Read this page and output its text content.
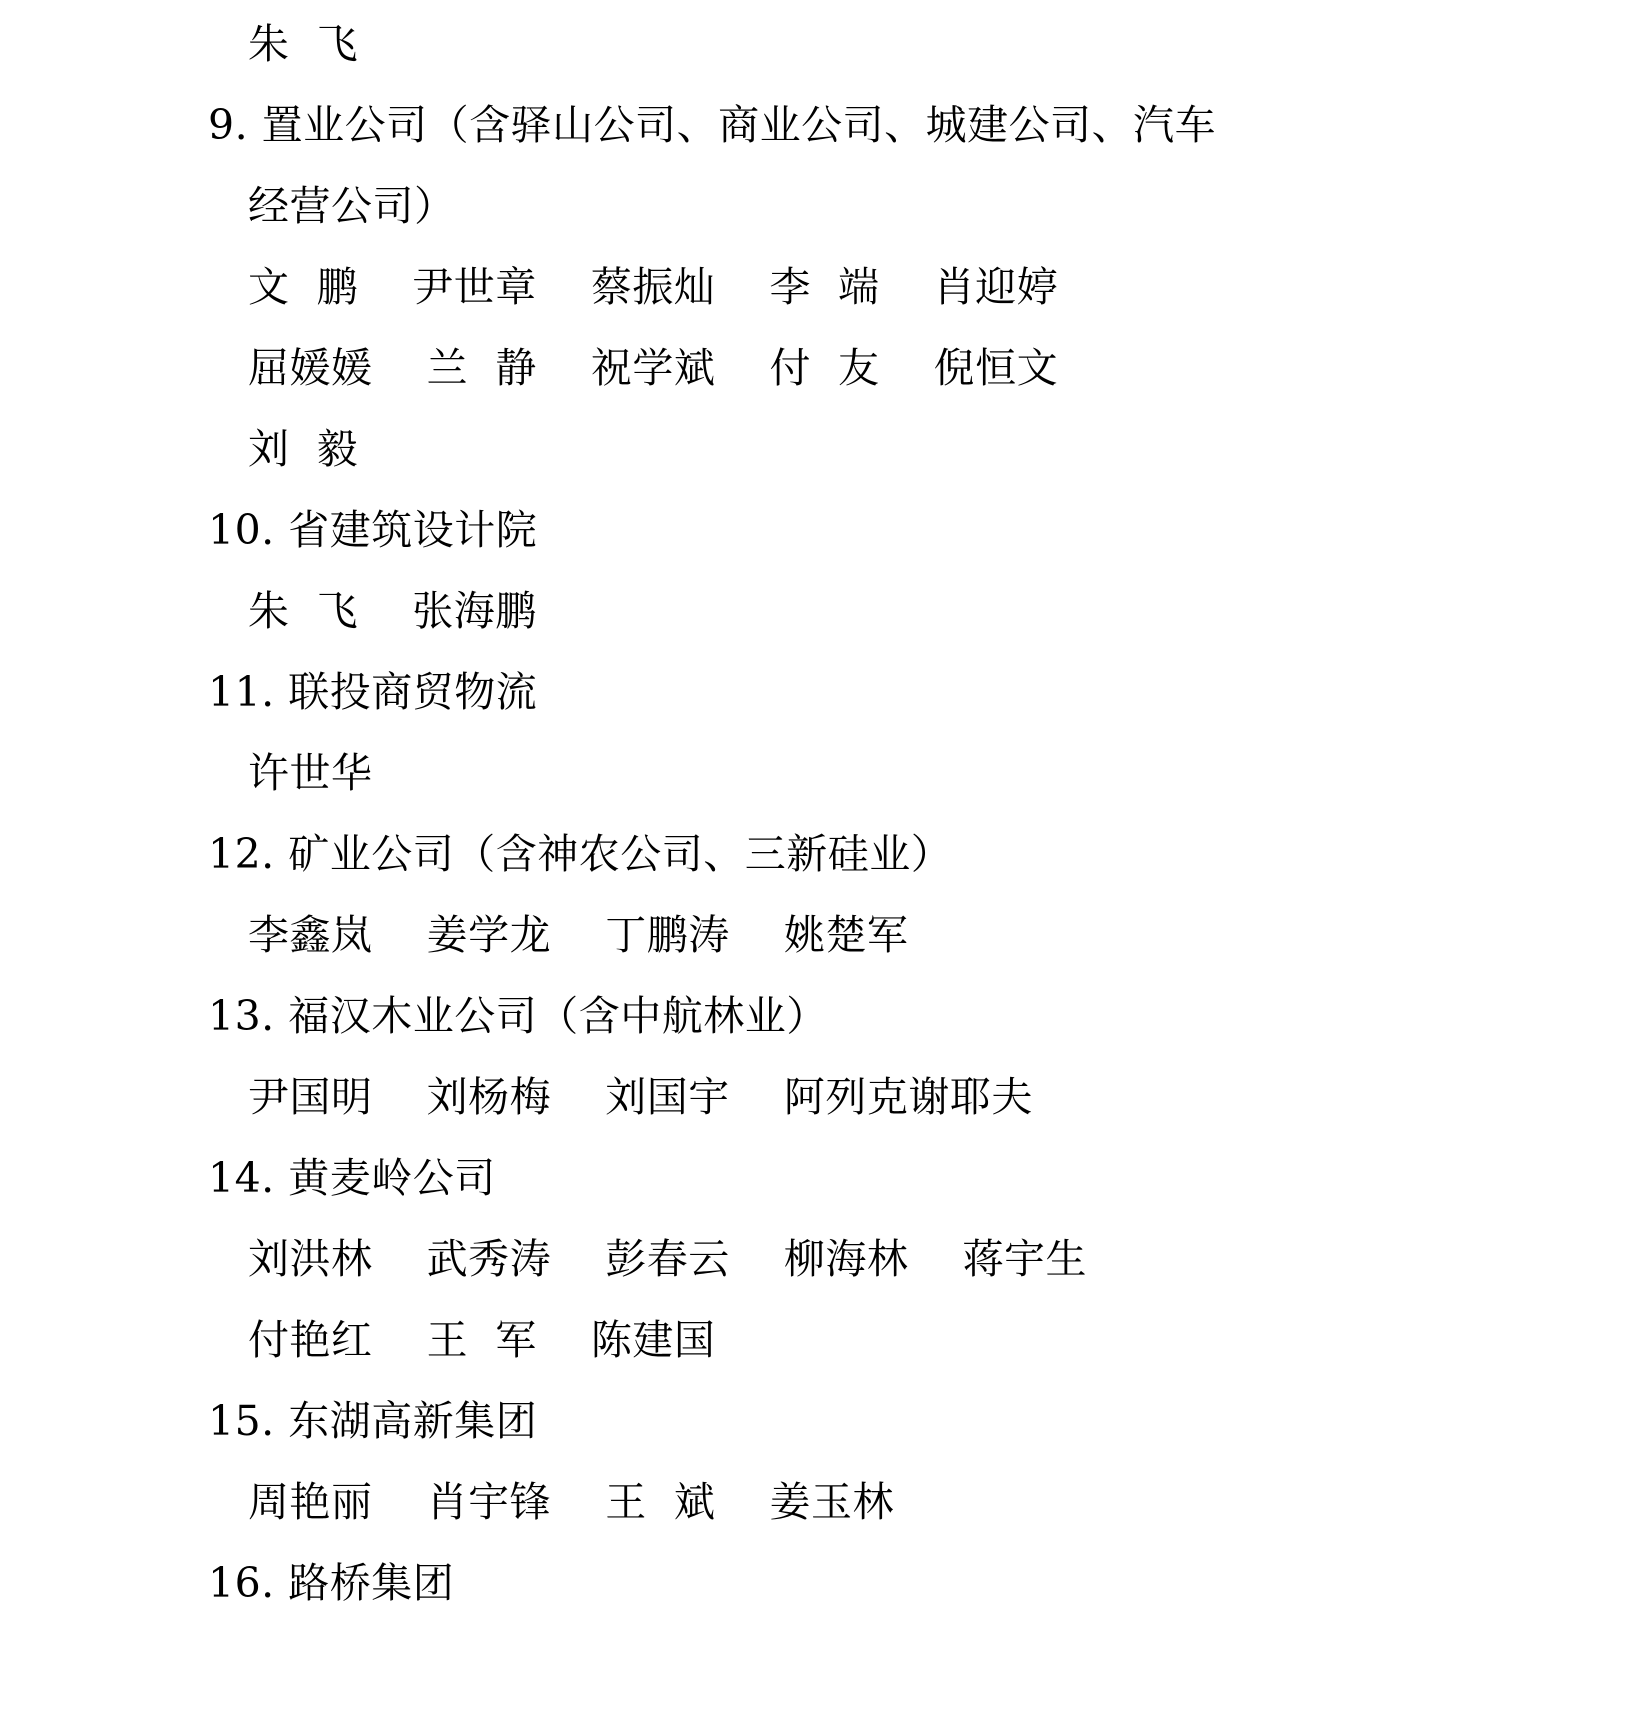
朱  飞
9. 置业公司（含驿山公司、商业公司、城建公司、汽车
经营公司）
文  鹏    尹世章    蔡振灿    李  端    肖迎婷
屈媛媛    兰  静    祝学斌    付  友    倪恒文
刘  毅
10. 省建筑设计院
朱  飞    张海鹏
11. 联投商贸物流
许世华
12. 矿业公司（含神农公司、三新硅业）
李鑫岚    姜学龙    丁鹏涛    姚楚军
13. 福汉木业公司（含中航林业）
尹国明    刘杨梅    刘国宇    阿列克谢耶夫
14. 黄麦岭公司
刘洪林    武秀涛    彭春云    柳海林    蒋宇生
付艳红    王  军    陈建国
15. 东湖高新集团
周艳丽    肖宇锋    王  斌    姜玉林
16. 路桥集团
